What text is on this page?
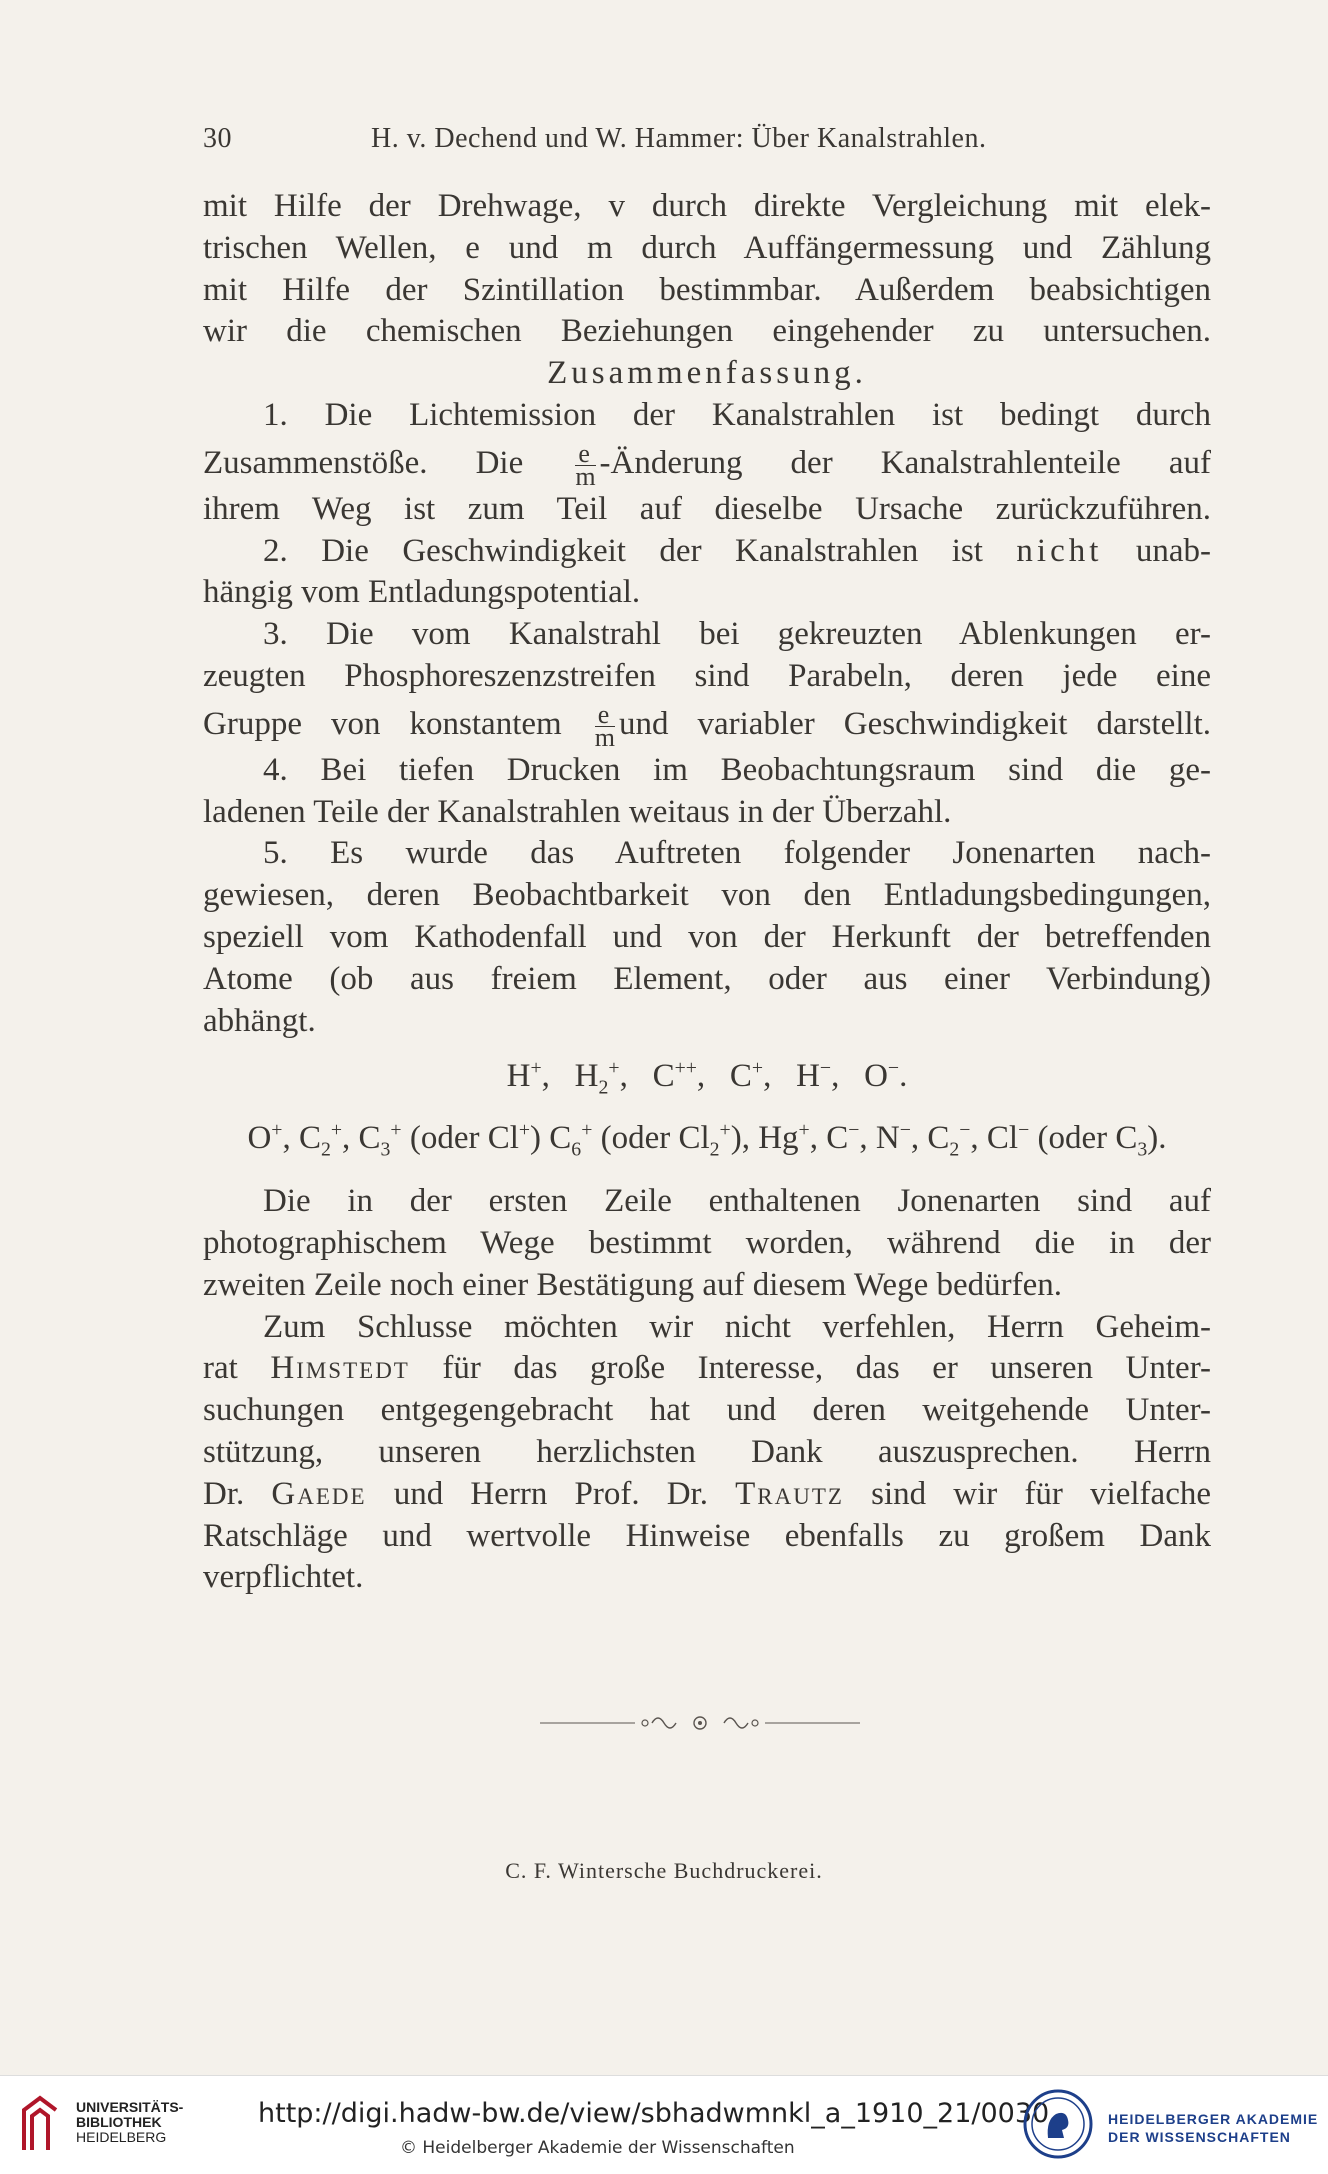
30	H. v. Dechend und W. Hammer: Über Kanalstrahlen.

mit Hilfe der Drehwage, v durch direkte Vergleichung mit elek-

trischen Wellen, e und m durch Auffängermessung und Zählung

mit Hilfe der Szintillation bestimmbar. Außerdem beabsichtigen

wir die chemischen Beziehungen eingehender zu untersuchen.

Zusammenfassung.

1. Die Lichtemission der Kanalstrahlen ist bedingt durch

Zusammenstöße. Die $\frac{e}{m}$ -Änderung der Kanalstrahlenteile auf

ihrem Weg ist zum Teil auf dieselbe Ursache zurückzuführen.

2. Die Geschwindigkeit der Kanalstrahlen ist nicht unab-

hängig vom Entladungspotential.

3. Die vom Kanalstrahl bei gekreuzten Ablenkungen er-

zeugten Phosphoreszenzstreifen sind Parabeln, deren jede eine

Gruppe von konstantem $\frac{e}{m}$ und variabler Geschwindigkeit darstellt.

4. Bei tiefen Drucken im Beobachtungsraum sind die ge-

ladenen Teile der Kanalstrahlen weitaus in der Überzahl.

5. Es wurde das Auftreten folgender Jonenarten nach-

gewiesen, deren Beobachtbarkeit von den Entladungsbedingungen,

speziell vom Kathodenfall und von der Herkunft der betreffenden

Atome (ob aus freiem Element, oder aus einer Verbindung)

abhängt.

H+,   $H_2^+$,   C++,   C+,   H−,   O−.

O+, $C_2^+$, $C_3^+$ (oder Cl+) $C_6^+$ (oder $Cl_2^+$), Hg+, C−, N−, $C_2^-$, Cl− (oder $C_3$).

Die in der ersten Zeile enthaltenen Jonenarten sind auf

photographischem Wege bestimmt worden, während die in der

zweiten Zeile noch einer Bestätigung auf diesem Wege bedürfen.

Zum Schlusse möchten wir nicht verfehlen, Herrn Geheim-

rat Himstedt für das große Interesse, das er unseren Unter-

suchungen entgegengebracht hat und deren weitgehende Unter-

stützung, unseren herzlichsten Dank auszusprechen. Herrn

Dr. Gaede und Herrn Prof. Dr. Trautz sind wir für vielfache

Ratschläge und wertvolle Hinweise ebenfalls zu großem Dank

verpflichtet.

C. F. Wintersche Buchdruckerei.
UNIVERSITÄTS-
BIBLIOTHEK
HEIDELBERG
http://digi.hadw-bw.de/view/sbhadwmnkl_a_1910_21/0030
© Heidelberger Akademie der Wissenschaften
HEIDELBERGER AKADEMIE
DER WISSENSCHAFTEN
